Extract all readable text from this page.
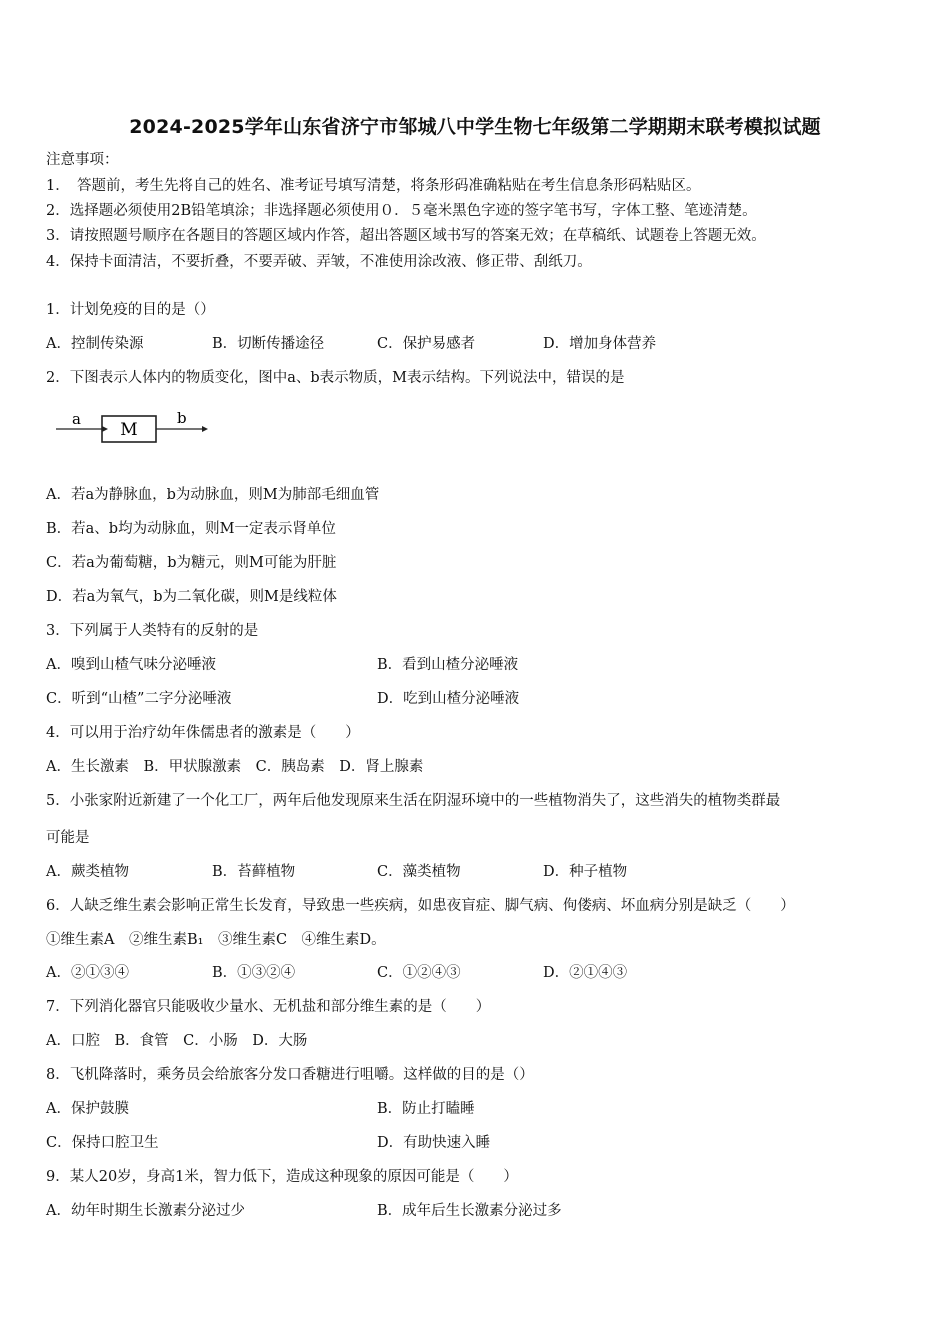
2024-2025学年山东省济宁市邹城八中学生物七年级第二学期期末联考模拟试题
注意事项：
1．　答题前，考生先将自己的姓名、准考证号填写清楚，将条形码准确粘贴在考生信息条形码粘贴区。
2．选择题必须使用2B铅笔填涂；非选择题必须使用０．５毫米黑色字迹的签字笔书写，字体工整、笔迹清楚。
3．请按照题号顺序在各题目的答题区域内作答，超出答题区域书写的答案无效；在草稿纸、试题卷上答题无效。
4．保持卡面清洁，不要折叠，不要弄破、弄皱，不准使用涂改液、修正带、刮纸刀。
1．计划免疫的目的是（）
A．控制传染源	B．切断传播途径	C．保护易感者	D．增加身体营养
2．下图表示人体内的物质变化，图中a、b表示物质，M表示结构。下列说法中，错误的是
a
M
b
A．若a为静脉血，b为动脉血，则M为肺部毛细血管
B．若a、b均为动脉血，则M一定表示肾单位
C．若a为葡萄糖，b为糖元，则M可能为肝脏
D．若a为氧气，b为二氧化碳，则M是线粒体
3．下列属于人类特有的反射的是
A．嗅到山楂气味分泌唾液	B．看到山楂分泌唾液
C．听到“山楂”二字分泌唾液	D．吃到山楂分泌唾液
4．可以用于治疗幼年侏儒患者的激素是（　　）
A．生长激素　B．甲状腺激素　C．胰岛素　D．肾上腺素
5．小张家附近新建了一个化工厂，两年后他发现原来生活在阴湿环境中的一些植物消失了，这些消失的植物类群最
可能是
A．蕨类植物	B．苔藓植物	C．藻类植物	D．种子植物
6．人缺乏维生素会影响正常生长发育，导致患一些疾病，如患夜盲症、脚气病、佝偻病、坏血病分别是缺乏（　　）
①维生素A　②维生素B₁　③维生素C　④维生素D。
A．②①③④	B．①③②④	C．①②④③	D．②①④③
7．下列消化器官只能吸收少量水、无机盐和部分维生素的是（　　）
A．口腔　B．食管　C．小肠　D．大肠
8．飞机降落时，乘务员会给旅客分发口香糖进行咀嚼。这样做的目的是（）
A．保护鼓膜	B．防止打瞌睡
C．保持口腔卫生	D．有助快速入睡
9．某人20岁，身高1米，智力低下，造成这种现象的原因可能是（　　）
A．幼年时期生长激素分泌过少	B．成年后生长激素分泌过多
